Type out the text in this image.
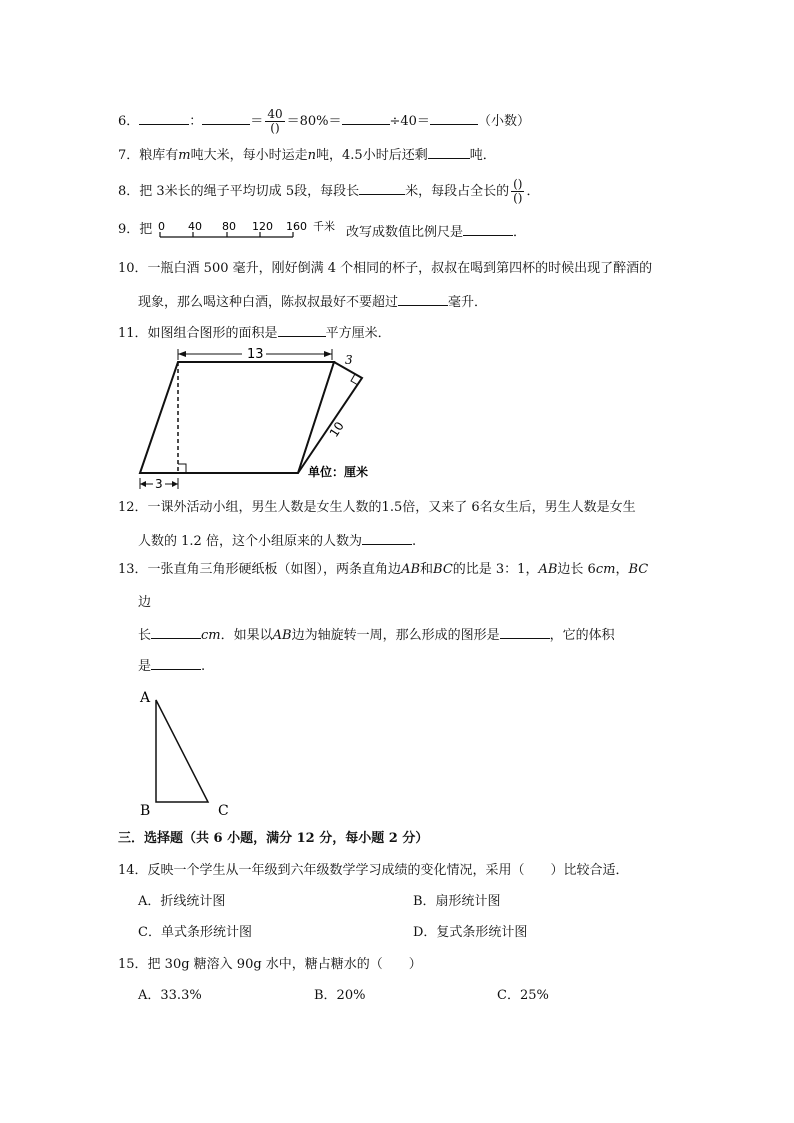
6．	：	＝ $\frac{40}{()} =80\%=$	÷40＝	（小数）
7．粮库有m吨大米，每小时运走n吨，4.5小时后还剩	吨．
8．把 3米长的绳子平均切成 5段，每段长	米，每段占全长的 $\frac{()}{()}$ ．
9．把 0 40 80 120 160 千米 改写成数值比例尺是	．
10．一瓶白酒 500 毫升，刚好倒满 4 个相同的杯子，叔叔在喝到第四杯的时候出现了醉酒的
现象，那么喝这种白酒，陈叔叔最好不要超过	毫升．
11．如图组合图形的面积是	平方厘米．
13	3
10
3
单位：厘米
12．一课外活动小组，男生人数是女生人数的1.5倍，又来了 6名女生后，男生人数是女生
人数的 1.2 倍，这个小组原来的人数为	.
13．一张直角三角形硬纸板（如图），两条直角边AB和BC的比是 3：1，AB边长 6cm，BC
边
长	cm．如果以AB边为轴旋转一周，那么形成的图形是	，它的体积
是	.
A
B	C
三．选择题（共 6 小题，满分 12 分，每小题 2 分）
14．反映一个学生从一年级到六年级数学学习成绩的变化情况，采用（　　）比较合适．
A．折线统计图	B．扇形统计图
C．单式条形统计图	D．复式条形统计图
15．把 30g 糖溶入 90g 水中，糖占糖水的（　　）
A．33.3%	B．20%	C．25%
